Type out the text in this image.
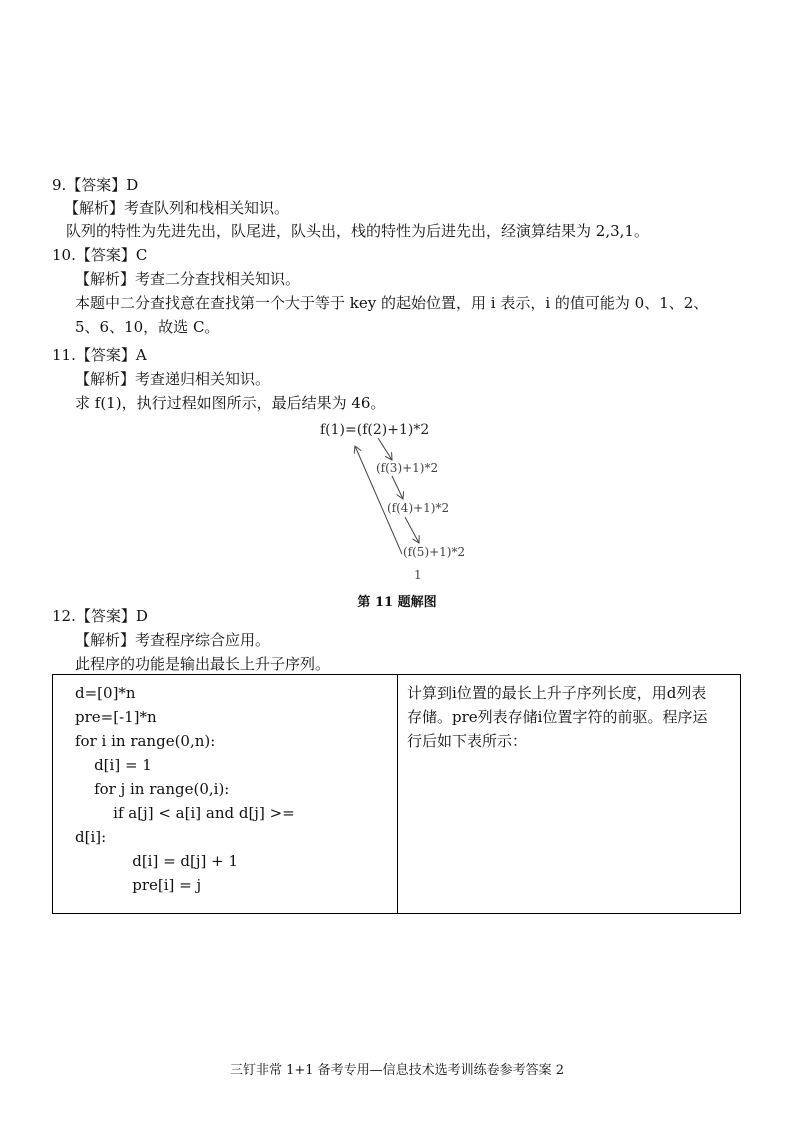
9.【答案】D
【解析】考查队列和栈相关知识。
队列的特性为先进先出，队尾进，队头出，栈的特性为后进先出，经演算结果为 2,3,1。
10.【答案】C
【解析】考查二分查找相关知识。
本题中二分查找意在查找第一个大于等于 key 的起始位置，用 i 表示，i 的值可能为 0、1、2、
5、6、10，故选 C。
11.【答案】A
【解析】考查递归相关知识。
求 f(1)，执行过程如图所示，最后结果为 46。
f(1)=(f(2)+1)*2
(f(3)+1)*2
(f(4)+1)*2
(f(5)+1)*2
1
第 11 题解图
12.【答案】D
【解析】考查程序综合应用。
此程序的功能是输出最长上升子序列。
d=[0]*n
pre=[-1]*n
for i in range(0,n):
d[i] = 1
for j in range(0,i):
if a[j] < a[i] and d[j] >=
d[i]:
d[i] = d[j] + 1
pre[i] = j
计算到i位置的最长上升子序列长度，用d列表
存储。pre列表存储i位置字符的前驱。程序运
行后如下表所示：
三钉非常 1+1 备考专用—信息技术选考训练卷参考答案 2
